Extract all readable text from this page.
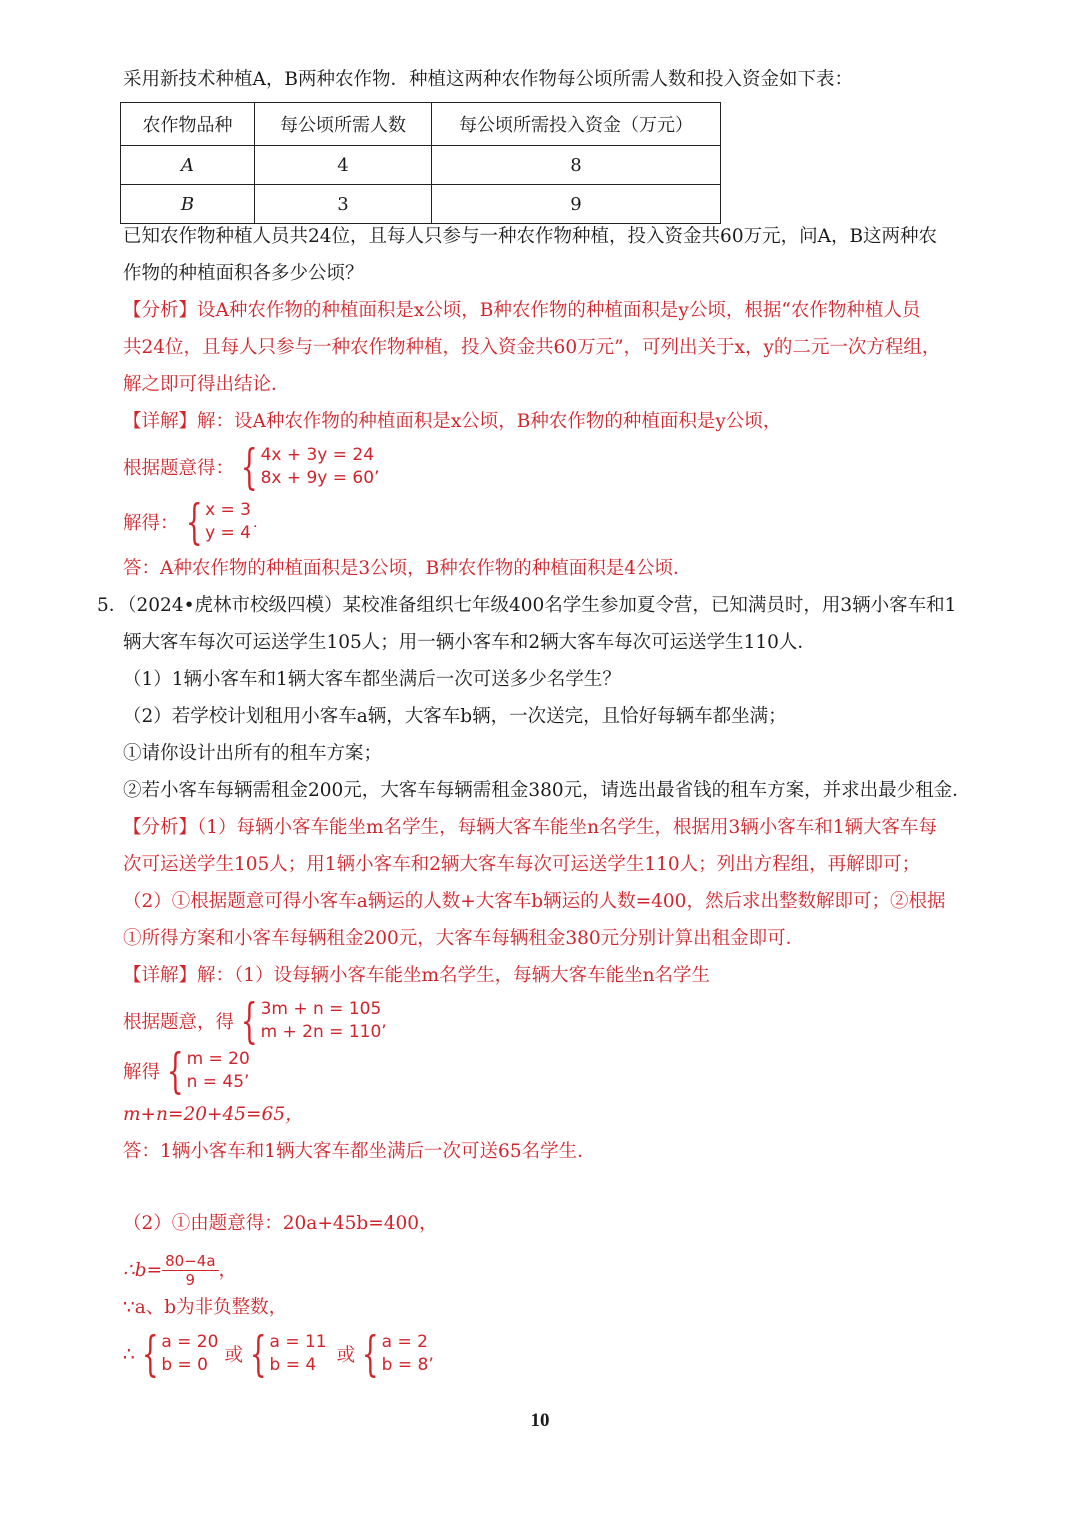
采用新技术种植A，B两种农作物．种植这两种农作物每公顷所需人数和投入资金如下表：
农作物品种	每公顷所需人数	每公顷所需投入资金（万元）
A	4	8
B	3	9
已知农作物种植人员共24位，且每人只参与一种农作物种植，投入资金共60万元，问A，B这两种农
作物的种植面积各多少公顷？
【分析】设A种农作物的种植面积是x公顷，B种农作物的种植面积是y公顷，根据“农作物种植人员
共24位，且每人只参与一种农作物种植，投入资金共60万元”，可列出关于x，y的二元一次方程组，
解之即可得出结论．
【详解】解：设A种农作物的种植面积是x公顷，B种农作物的种植面积是y公顷，
根据题意得： { 4x + 3y = 24
8x + 9y = 60’
解得： { x = 3
y = 4˙
答：A种农作物的种植面积是3公顷，B种农作物的种植面积是4公顷．
5．（2024•虎林市校级四模）某校准备组织七年级400名学生参加夏令营，已知满员时，用3辆小客车和1
辆大客车每次可运送学生105人；用一辆小客车和2辆大客车每次可运送学生110人．
（1）1辆小客车和1辆大客车都坐满后一次可送多少名学生？
（2）若学校计划租用小客车a辆，大客车b辆，一次送完，且恰好每辆车都坐满；
①请你设计出所有的租车方案；
②若小客车每辆需租金200元，大客车每辆需租金380元，请选出最省钱的租车方案，并求出最少租金．
【分析】（1）每辆小客车能坐m名学生，每辆大客车能坐n名学生，根据用3辆小客车和1辆大客车每
次可运送学生105人；用1辆小客车和2辆大客车每次可运送学生110人；列出方程组，再解即可；
（2）①根据题意可得小客车a辆运的人数+大客车b辆运的人数=400，然后求出整数解即可；②根据
①所得方案和小客车每辆租金200元，大客车每辆租金380元分别计算出租金即可．
【详解】解：（1）设每辆小客车能坐m名学生，每辆大客车能坐n名学生
根据题意，得 { 3m + n = 105
m + 2n = 110’
解得 { m = 20
n = 45’
m+n=20+45=65，
答：1辆小客车和1辆大客车都坐满后一次可送65名学生．
（2）①由题意得：20a+45b=400，
∴b= $\frac{80-4a}{9}$ ，
∵a、b为非负整数，
∴ { a = 20
b = 0 或 { a = 11
b = 4	或 { a = 2
b = 8’
10
